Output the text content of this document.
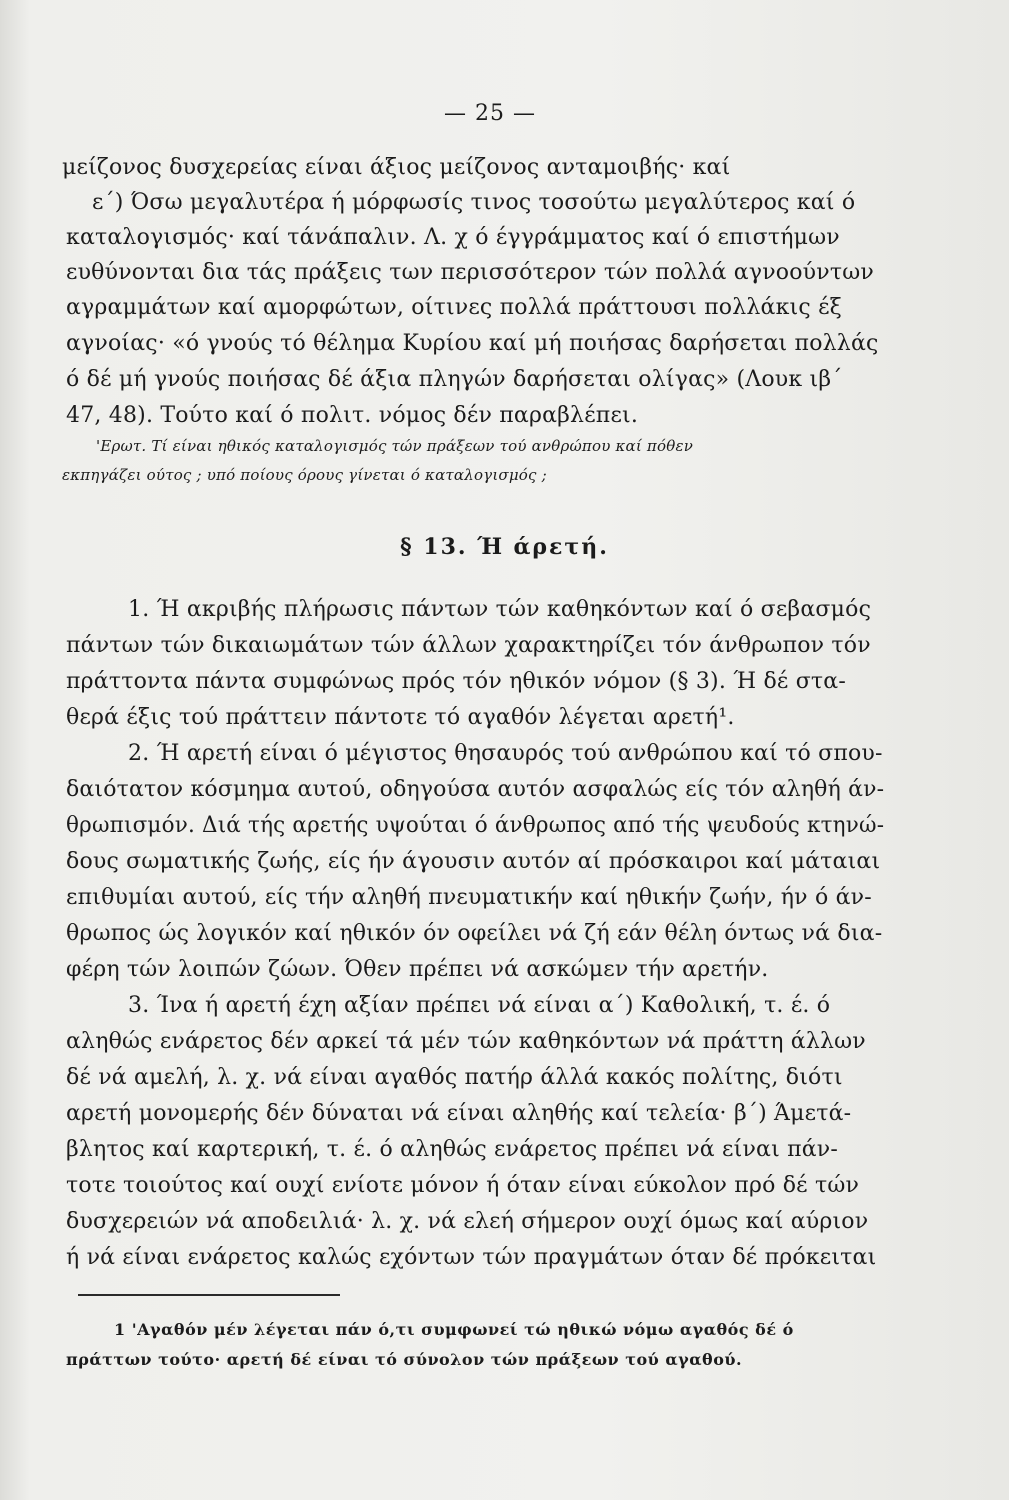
— 25 —
μείζονος δυσχερείας είναι άξιος μείζονος ανταμοιβής· καί
ε΄) Όσω μεγαλυτέρα ή μόρφωσίς τινος τοσούτω μεγαλύτερος καί ό
καταλογισμός· καί τάνάπαλιν. Λ. χ ό έγγράμματος καί ό επιστήμων
ευθύνονται δια τάς πράξεις των περισσότερον τών πολλά αγνοούντων
αγραμμάτων καί αμορφώτων, οίτινες πολλά πράττουσι πολλάκις έξ
αγνοίας· «ό γνούς τό θέλημα Κυρίου καί μή ποιήσας δαρήσεται πολλάς
ό δέ μή γνούς ποιήσας δέ άξια πληγών δαρήσεται ολίγας» (Λουκ ιβ΄
47, 48). Τούτο καί ό πολιτ. νόμος δέν παραβλέπει.
'Ερωτ. Τί είναι ηθικός καταλογισμός τών πράξεων τού ανθρώπου καί πόθεν
εκπηγάζει ούτος ; υπό ποίους όρους γίνεται ό καταλογισμός ;
§ 13. Ή άρετή.
1. Ή ακριβής πλήρωσις πάντων τών καθηκόντων καί ό σεβασμός
πάντων τών δικαιωμάτων τών άλλων χαρακτηρίζει τόν άνθρωπον τόν
πράττοντα πάντα συμφώνως πρός τόν ηθικόν νόμον (§ 3). Ή δέ στα-
θερά έξις τού πράττειν πάντοτε τό αγαθόν λέγεται αρετή¹.
2. Ή αρετή είναι ό μέγιστος θησαυρός τού ανθρώπου καί τό σπου-
δαιότατον κόσμημα αυτού, οδηγούσα αυτόν ασφαλώς είς τόν αληθή άν-
θρωπισμόν. Διά τής αρετής υψούται ό άνθρωπος από τής ψευδούς κτηνώ-
δους σωματικής ζωής, είς ήν άγουσιν αυτόν αί πρόσκαιροι καί μάταιαι
επιθυμίαι αυτού, είς τήν αληθή πνευματικήν καί ηθικήν ζωήν, ήν ό άν-
θρωπος ώς λογικόν καί ηθικόν όν οφείλει νά ζή εάν θέλη όντως νά δια-
φέρη τών λοιπών ζώων. Όθεν πρέπει νά ασκώμεν τήν αρετήν.
3. Ίνα ή αρετή έχη αξίαν πρέπει νά είναι α΄) Καθολική, τ. έ. ό
αληθώς ενάρετος δέν αρκεί τά μέν τών καθηκόντων νά πράττη άλλων
δέ νά αμελή, λ. χ. νά είναι αγαθός πατήρ άλλά κακός πολίτης, διότι
αρετή μονομερής δέν δύναται νά είναι αληθής καί τελεία· β΄) Άμετά-
βλητος καί καρτερική, τ. έ. ό αληθώς ενάρετος πρέπει νά είναι πάν-
τοτε τοιούτος καί ουχί ενίοτε μόνον ή όταν είναι εύκολον πρό δέ τών
δυσχερειών νά αποδειλιά· λ. χ. νά ελεή σήμερον ουχί όμως καί αύριον
ή νά είναι ενάρετος καλώς εχόντων τών πραγμάτων όταν δέ πρόκειται
1 'Αγαθόν μέν λέγεται πάν ό,τι συμφωνεί τώ ηθικώ νόμω αγαθός δέ ό
πράττων τούτο· αρετή δέ είναι τό σύνολον τών πράξεων τού αγαθού.
